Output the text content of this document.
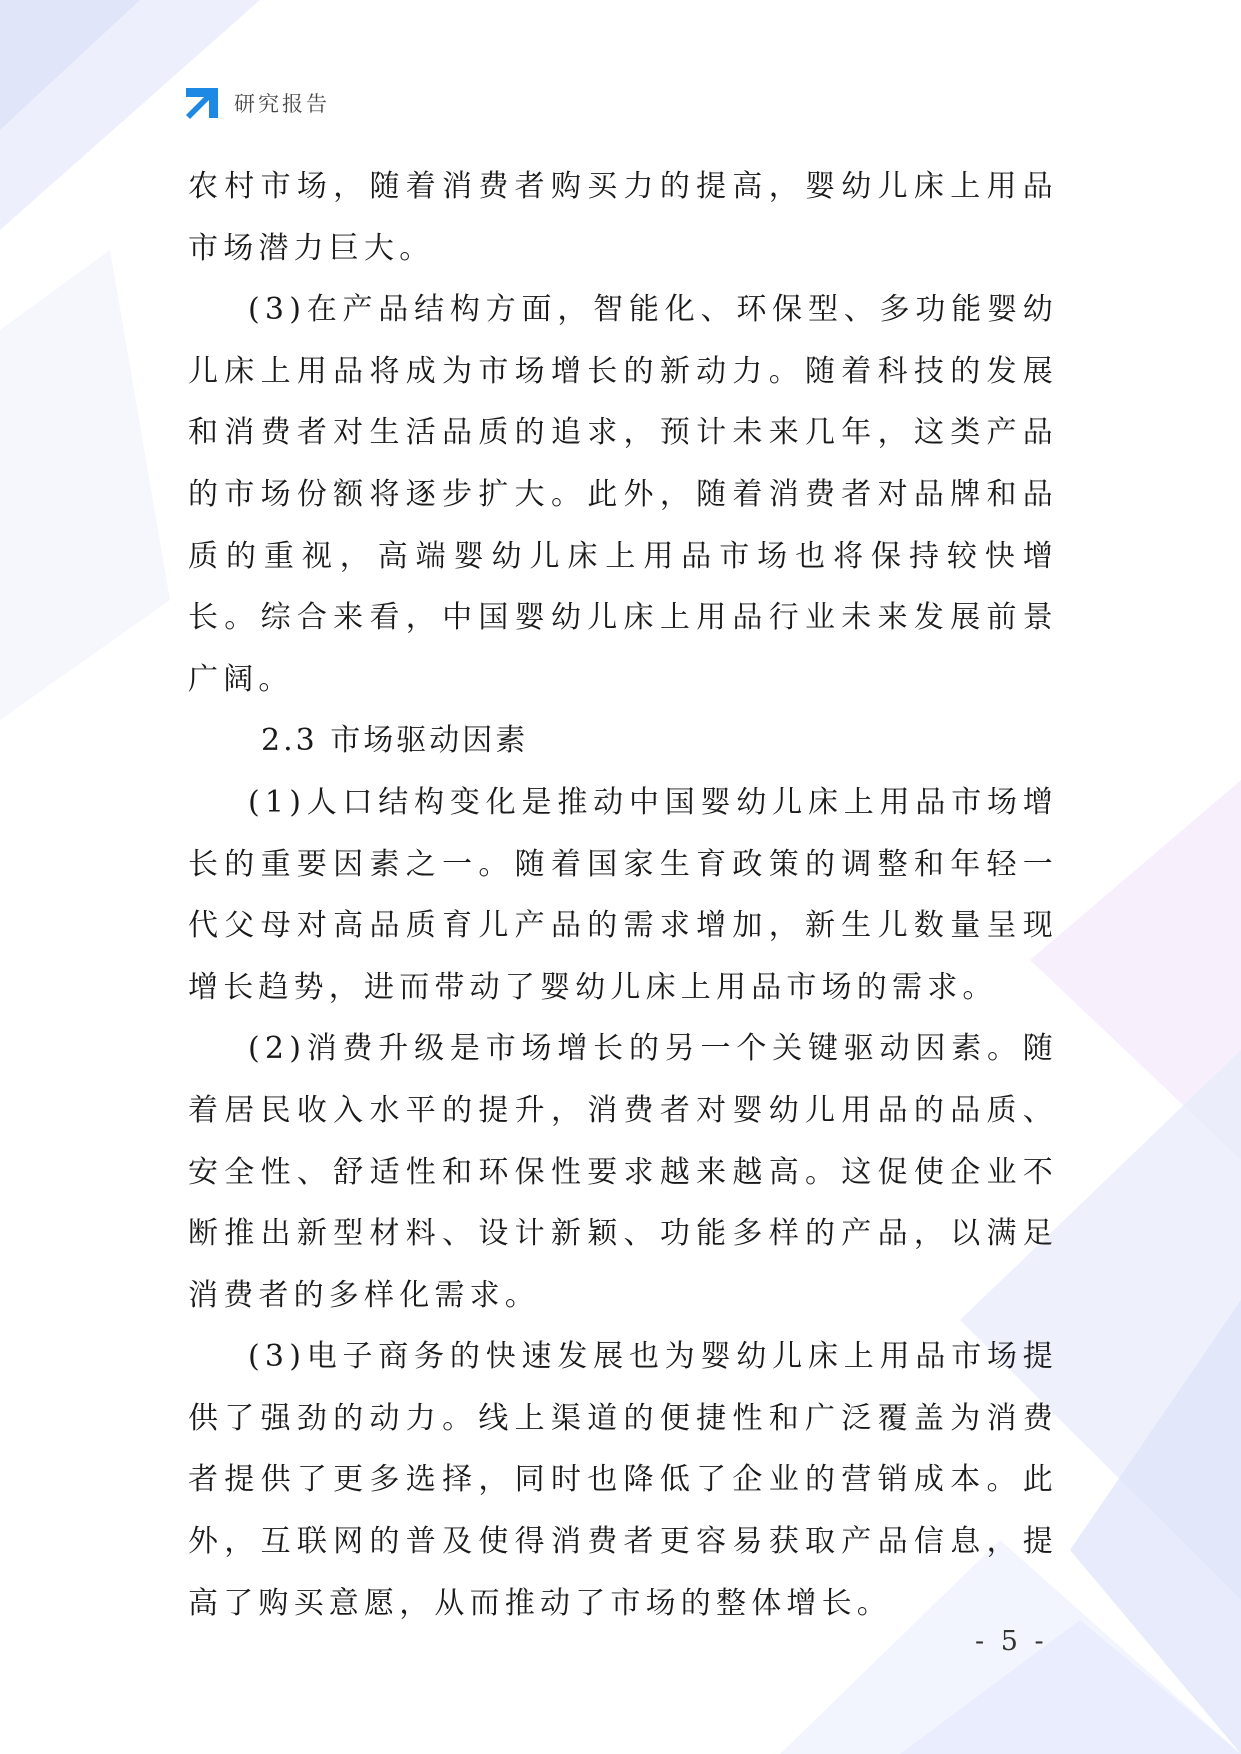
研究报告

农村市场，随着消费者购买力的提高，婴幼儿床上用品市场潜力巨大。

(3)在产品结构方面，智能化、环保型、多功能婴幼儿床上用品将成为市场增长的新动力。随着科技的发展和消费者对生活品质的追求，预计未来几年，这类产品的市场份额将逐步扩大。此外，随着消费者对品牌和品质的重视，高端婴幼儿床上用品市场也将保持较快增长。综合来看，中国婴幼儿床上用品行业未来发展前景广阔。

2.3 市场驱动因素

(1)人口结构变化是推动中国婴幼儿床上用品市场增长的重要因素之一。随着国家生育政策的调整和年轻一代父母对高品质育儿产品的需求增加，新生儿数量呈现增长趋势，进而带动了婴幼儿床上用品市场的需求。

(2)消费升级是市场增长的另一个关键驱动因素。随着居民收入水平的提升，消费者对婴幼儿用品的品质、安全性、舒适性和环保性要求越来越高。这促使企业不断推出新型材料、设计新颖、功能多样的产品，以满足消费者的多样化需求。

(3)电子商务的快速发展也为婴幼儿床上用品市场提供了强劲的动力。线上渠道的便捷性和广泛覆盖为消费者提供了更多选择，同时也降低了企业的营销成本。此外，互联网的普及使得消费者更容易获取产品信息，提高了购买意愿，从而推动了市场的整体增长。

- 5 -
